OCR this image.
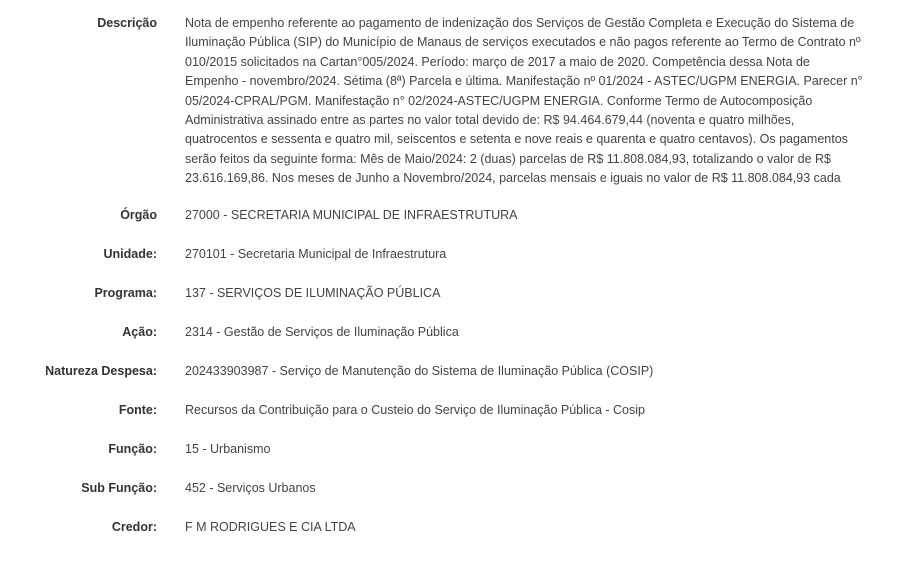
Descrição Nota de empenho referente ao pagamento de indenização dos Serviços de Gestão Completa e Execução do Sistema de Iluminação Pública (SIP) do Município de Manaus de serviços executados e não pagos referente ao Termo de Contrato nº 010/2015 solicitados na Cartan°005/2024. Período: março de 2017 a maio de 2020. Competência dessa Nota de Empenho - novembro/2024. Sétima (8ª) Parcela e última. Manifestação nº 01/2024 - ASTEC/UGPM ENERGIA. Parecer n° 05/2024-CPRAL/PGM. Manifestação n° 02/2024-ASTEC/UGPM ENERGIA. Conforme Termo de Autocomposição Administrativa assinado entre as partes no valor total devido de: R$ 94.464.679,44 (noventa e quatro milhões, quatrocentos e sessenta e quatro mil, seiscentos e setenta e nove reais e quarenta e quatro centavos). Os pagamentos serão feitos da seguinte forma: Mês de Maio/2024: 2 (duas) parcelas de R$ 11.808.084,93, totalizando o valor de R$ 23.616.169,86. Nos meses de Junho a Novembro/2024, parcelas mensais e iguais no valor de R$ 11.808.084,93 cada
Órgão 27000 - SECRETARIA MUNICIPAL DE INFRAESTRUTURA
Unidade: 270101 - Secretaria Municipal de Infraestrutura
Programa: 137 - SERVIÇOS DE ILUMINAÇÃO PÚBLICA
Ação: 2314 - Gestão de Serviços de Iluminação Pública
Natureza Despesa: 202433903987 - Serviço de Manutenção do Sistema de Iluminação Pública (COSIP)
Fonte: Recursos da Contribuição para o Custeio do Serviço de Iluminação Pública - Cosip
Função: 15 - Urbanismo
Sub Função: 452 - Serviços Urbanos
Credor: F M RODRIGUES E CIA LTDA
